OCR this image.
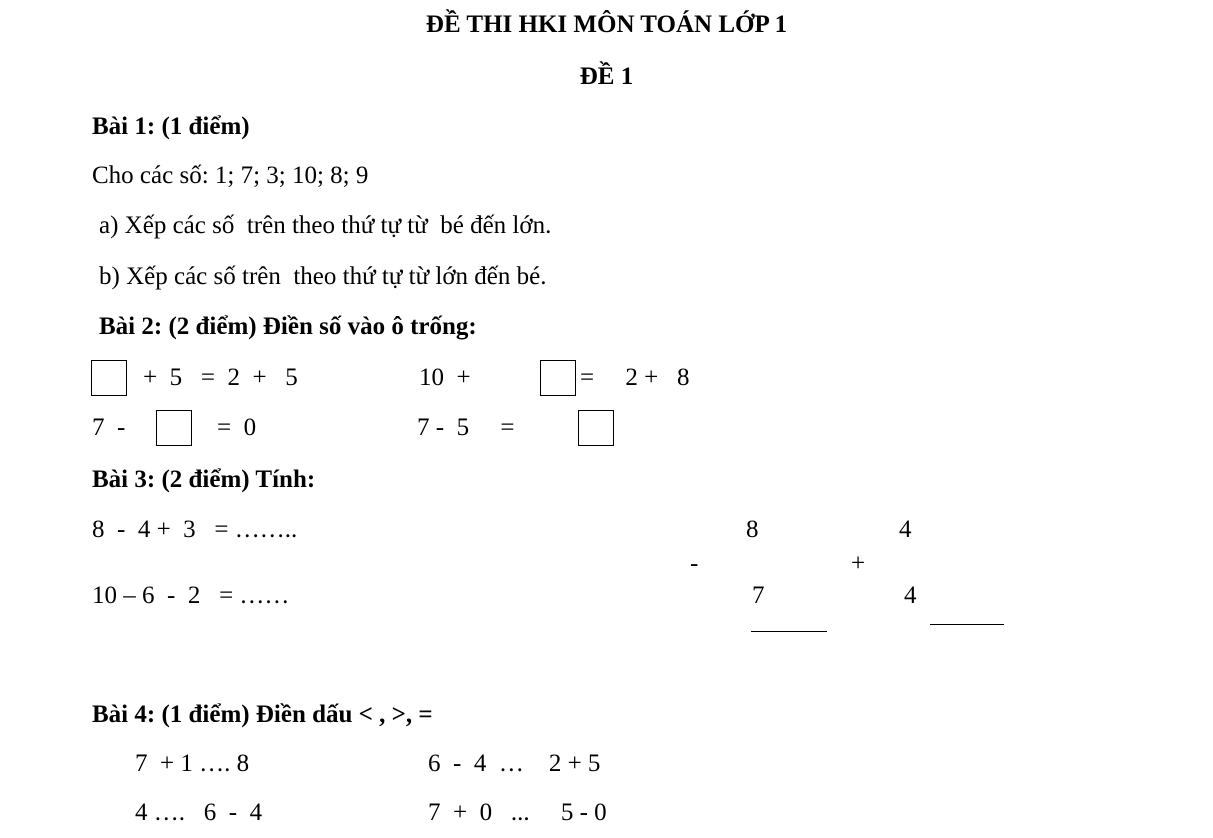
ĐỀ THI HKI MÔN TOÁN LỚP 1
ĐỀ 1
Bài 1: (1 điểm)
Cho các số: 1; 7; 3; 10; 8; 9
a) Xếp các số  trên theo thứ tự từ  bé đến lớn.
b) Xếp các số trên  theo thứ tự từ lớn đến bé.
Bài 2: (2 điểm) Điền số vào ô trống:
+  5   =  2  +   5	10  +	=     2 +   8
7  -	=  0	7 -  5     =
Bài 3: (2 điểm) Tính:
8  -  4 +  3   = ……..
10 – 6  -  2   = ……
8
-
7
4
+
4
Bài 4: (1 điểm) Điền dấu < , >, =
7  + 1 …. 8	6  -  4  …    2 + 5
4 ….   6  -  4	7  +  0   ...     5 - 0
